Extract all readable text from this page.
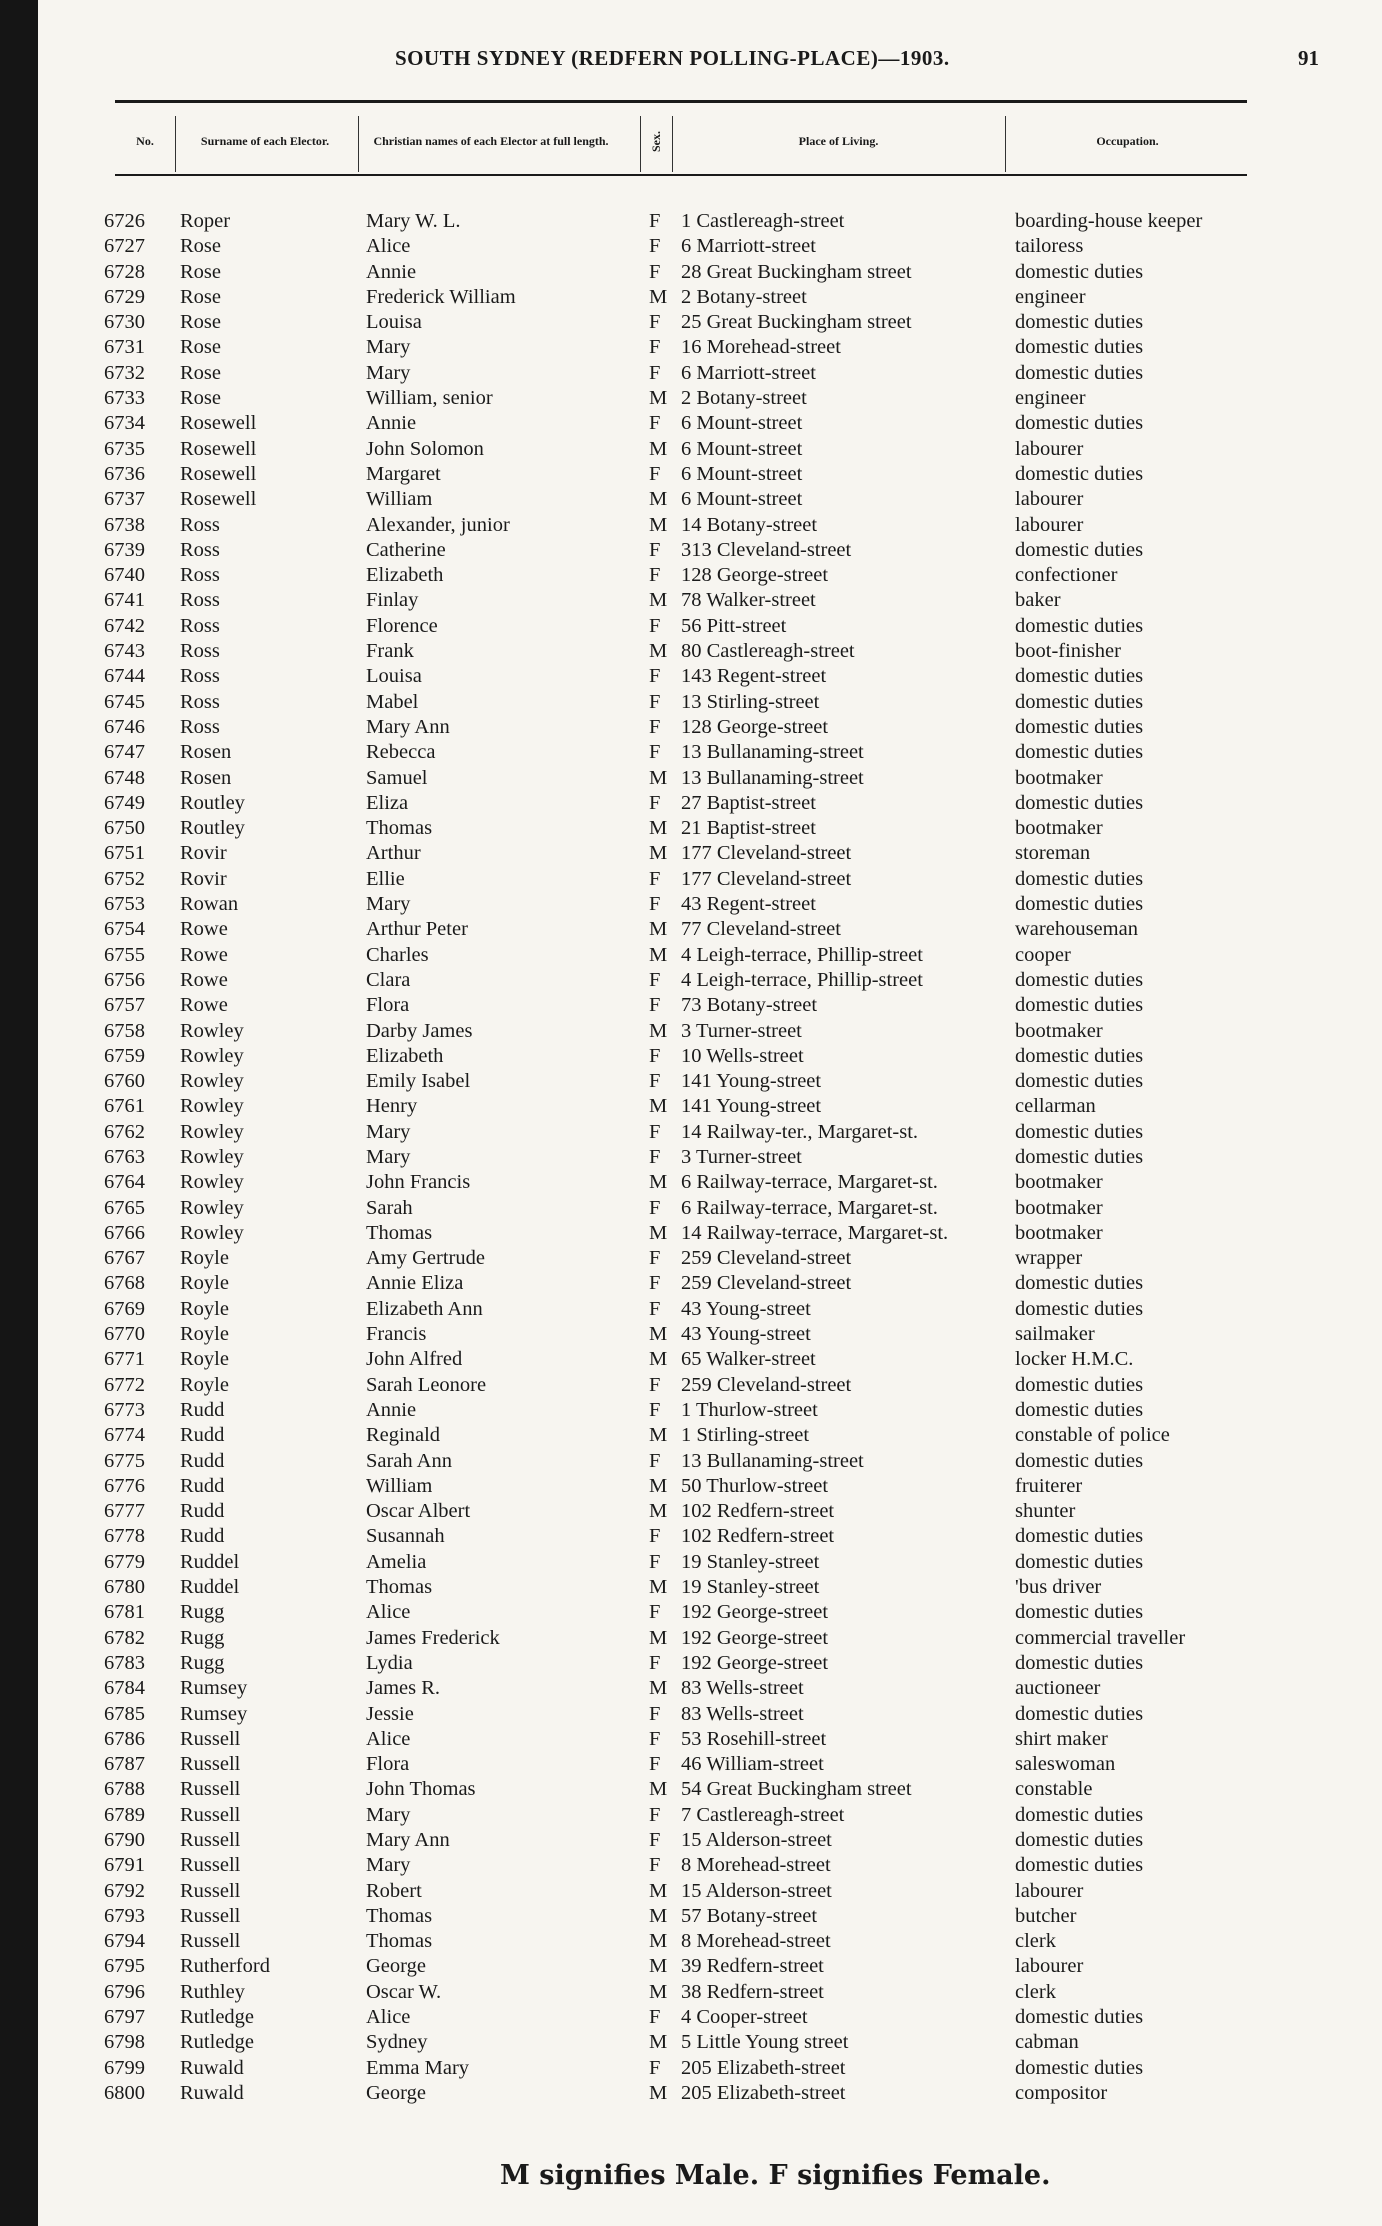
SOUTH SYDNEY (REDFERN POLLING-PLACE)—1903.	91
No.	Surname of each Elector.	Christian names of each Elector at full length.	Sex.	Place of Living.	Occupation.
6726 Roper	Mary W. L.	F 1 Castlereagh-street	boarding-house keeper
6727 Rose	Alice	F 6 Marriott-street	tailoress
6728 Rose	Annie	F 28 Great Buckingham street	domestic duties
6729 Rose	Frederick William	M 2 Botany-street	engineer
6730 Rose	Louisa	F 25 Great Buckingham street	domestic duties
6731 Rose	Mary	F 16 Morehead-street	domestic duties
6732 Rose	Mary	F 6 Marriott-street	domestic duties
6733 Rose	William, senior	M 2 Botany-street	engineer
6734 Rosewell	Annie	F 6 Mount-street	domestic duties
6735 Rosewell	John Solomon	M 6 Mount-street	labourer
6736 Rosewell	Margaret	F 6 Mount-street	domestic duties
6737 Rosewell	William	M 6 Mount-street	labourer
6738 Ross	Alexander, junior	M 14 Botany-street	labourer
6739 Ross	Catherine	F 313 Cleveland-street	domestic duties
6740 Ross	Elizabeth	F 128 George-street	confectioner
6741 Ross	Finlay	M 78 Walker-street	baker
6742 Ross	Florence	F 56 Pitt-street	domestic duties
6743 Ross	Frank	M 80 Castlereagh-street	boot-finisher
6744 Ross	Louisa	F 143 Regent-street	domestic duties
6745 Ross	Mabel	F 13 Stirling-street	domestic duties
6746 Ross	Mary Ann	F 128 George-street	domestic duties
6747 Rosen	Rebecca	F 13 Bullanaming-street	domestic duties
6748 Rosen	Samuel	M 13 Bullanaming-street	bootmaker
6749 Routley	Eliza	F 27 Baptist-street	domestic duties
6750 Routley	Thomas	M 21 Baptist-street	bootmaker
6751 Rovir	Arthur	M 177 Cleveland-street	storeman
6752 Rovir	Ellie	F 177 Cleveland-street	domestic duties
6753 Rowan	Mary	F 43 Regent-street	domestic duties
6754 Rowe	Arthur Peter	M 77 Cleveland-street	warehouseman
6755 Rowe	Charles	M 4 Leigh-terrace, Phillip-street	cooper
6756 Rowe	Clara	F 4 Leigh-terrace, Phillip-street	domestic duties
6757 Rowe	Flora	F 73 Botany-street	domestic duties
6758 Rowley	Darby James	M 3 Turner-street	bootmaker
6759 Rowley	Elizabeth	F 10 Wells-street	domestic duties
6760 Rowley	Emily Isabel	F 141 Young-street	domestic duties
6761 Rowley	Henry	M 141 Young-street	cellarman
6762 Rowley	Mary	F 14 Railway-ter., Margaret-st.	domestic duties
6763 Rowley	Mary	F 3 Turner-street	domestic duties
6764 Rowley	John Francis	M 6 Railway-terrace, Margaret-st.	bootmaker
6765 Rowley	Sarah	F 6 Railway-terrace, Margaret-st.	bootmaker
6766 Rowley	Thomas	M 14 Railway-terrace, Margaret-st.	bootmaker
6767 Royle	Amy Gertrude	F 259 Cleveland-street	wrapper
6768 Royle	Annie Eliza	F 259 Cleveland-street	domestic duties
6769 Royle	Elizabeth Ann	F 43 Young-street	domestic duties
6770 Royle	Francis	M 43 Young-street	sailmaker
6771 Royle	John Alfred	M 65 Walker-street	locker H.M.C.
6772 Royle	Sarah Leonore	F 259 Cleveland-street	domestic duties
6773 Rudd	Annie	F 1 Thurlow-street	domestic duties
6774 Rudd	Reginald	M 1 Stirling-street	constable of police
6775 Rudd	Sarah Ann	F 13 Bullanaming-street	domestic duties
6776 Rudd	William	M 50 Thurlow-street	fruiterer
6777 Rudd	Oscar Albert	M 102 Redfern-street	shunter
6778 Rudd	Susannah	F 102 Redfern-street	domestic duties
6779 Ruddel	Amelia	F 19 Stanley-street	domestic duties
6780 Ruddel	Thomas	M 19 Stanley-street	'bus driver
6781 Rugg	Alice	F 192 George-street	domestic duties
6782 Rugg	James Frederick	M 192 George-street	commercial traveller
6783 Rugg	Lydia	F 192 George-street	domestic duties
6784 Rumsey	James R.	M 83 Wells-street	auctioneer
6785 Rumsey	Jessie	F 83 Wells-street	domestic duties
6786 Russell	Alice	F 53 Rosehill-street	shirt maker
6787 Russell	Flora	F 46 William-street	saleswoman
6788 Russell	John Thomas	M 54 Great Buckingham street	constable
6789 Russell	Mary	F 7 Castlereagh-street	domestic duties
6790 Russell	Mary Ann	F 15 Alderson-street	domestic duties
6791 Russell	Mary	F 8 Morehead-street	domestic duties
6792 Russell	Robert	M 15 Alderson-street	labourer
6793 Russell	Thomas	M 57 Botany-street	butcher
6794 Russell	Thomas	M 8 Morehead-street	clerk
6795 Rutherford	George	M 39 Redfern-street	labourer
6796 Ruthley	Oscar W.	M 38 Redfern-street	clerk
6797 Rutledge	Alice	F 4 Cooper-street	domestic duties
6798 Rutledge	Sydney	M 5 Little Young street	cabman
6799 Ruwald	Emma Mary	F 205 Elizabeth-street	domestic duties
6800 Ruwald	George	M 205 Elizabeth-street	compositor
M signifies Male. F signifies Female.
